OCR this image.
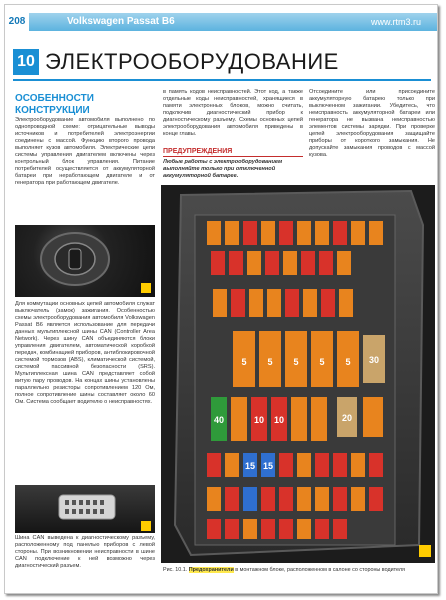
208	Volkswagen Passat B6	www.rtm3.ru
10 ЭЛЕКТРООБОРУДОВАНИЕ
ОСОБЕННОСТИ КОНСТРУКЦИИ
Электрооборудование автомобиля выполнено по однопроводной схеме: отрицательные выводы источников и потребителей электроэнергии соединены с массой. Функцию второго провода выполняет кузов автомобиля. Электрические цепи системы управления двигателем включены через контрольный блок управления. Питание потребителей осуществляется от аккумуляторной батареи при неработающем двигателе и от генератора при работающем двигателе.
Для коммутации основных цепей автомобиля служат выключатель (замок) зажигания. Особенностью схемы электрооборудования автомобиля Volkswagen Passat B6 является использование для передачи данных мультиплексной шины CAN (Controller Area Network). Через шину CAN объединяются блоки управления двигателем, автоматической коробкой передач, комбинацией приборов, антиблокировочной системой тормозов (ABS), климатической системой, системой пассивной безопасности (SRS). Мультиплексная шина CAN представляет собой витую пару проводов. На концах шины установлены параллельно резисторы сопротивлением 120 Ом, полное сопротивление шины составляет около 60 Ом. Система сообщает водителю о неисправностях.
Шина CAN выведена к диагностическому разъему, расположенному под панелью приборов с левой стороны. При возникновении неисправности в шине CAN подключение к ней возможно через диагностический разъем.
в память кодов неисправностей. Этот код, а также отдельные коды неисправностей, хранящиеся в памяти электронных блоков, можно считать, подключив диагностический прибор к диагностическому разъему. Схемы основных цепей электрооборудования автомобиля приведены в конце главы.
ПРЕДУПРЕЖДЕНИЯ
Любые работы с электрооборудованием выполняйте только при отключенной аккумуляторной батарее.
Отсоедините или присоедините аккумуляторную батарею только при выключенном зажигании. Убедитесь, что неисправность аккумуляторной батареи или генератора не вызвана неисправностью элементов системы зарядки. При проверке цепей электрооборудования защищайте приборы от короткого замыкания. Не допускайте замыкания проводов с массой кузова.
5 5 5 5 5 30
40	10 10	20
15 15
Рис. 10.1. Предохранители в монтажном блоке, расположенном в салоне со стороны водителя
